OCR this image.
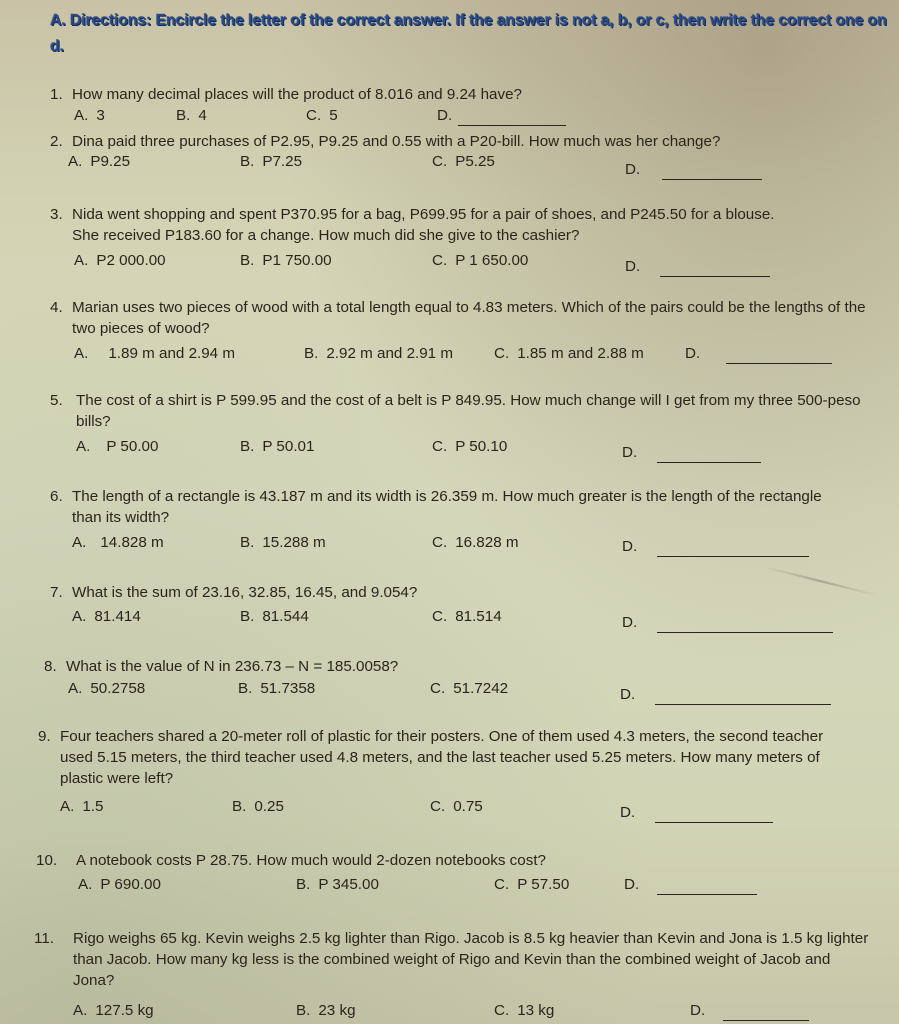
A. Directions: Encircle the letter of the correct answer. If the answer is not a, b, or c, then write the correct one on d.
1. How many decimal places will the product of 8.016 and 9.24 have?
A. 3	B. 4	C. 5	D.
2. Dina paid three purchases of P2.95, P9.25 and 0.55 with a P20-bill. How much was her change?
A. P9.25	B. P7.25	C. P5.25	D.
3. Nida went shopping and spent P370.95 for a bag, P699.95 for a pair of shoes, and P245.50 for a blouse. She received P183.60 for a change. How much did she give to the cashier?
A. P2 000.00	B. P1 750.00	C. P 1 650.00	D.
4. Marian uses two pieces of wood with a total length equal to 4.83 meters. Which of the pairs could be the lengths of the two pieces of wood?
A. 1.89 m and 2.94 m	B. 2.92 m and 2.91 m	C. 1.85 m and 2.88 m	D.
5. The cost of a shirt is P 599.95 and the cost of a belt is P 849.95. How much change will I get from my three 500-peso bills?
A. P 50.00	B. P 50.01	C. P 50.10	D.
6. The length of a rectangle is 43.187 m and its width is 26.359 m. How much greater is the length of the rectangle than its width?
A. 14.828 m	B. 15.288 m	C. 16.828 m	D.
7. What is the sum of 23.16, 32.85, 16.45, and 9.054?
A. 81.414	B. 81.544	C. 81.514	D.
8. What is the value of N in 236.73 – N = 185.0058?
A. 50.2758	B. 51.7358	C. 51.7242	D.
9. Four teachers shared a 20-meter roll of plastic for their posters. One of them used 4.3 meters, the second teacher used 5.15 meters, the third teacher used 4.8 meters, and the last teacher used 5.25 meters. How many meters of plastic were left?
A. 1.5	B. 0.25	C. 0.75	D.
10. A notebook costs P 28.75. How much would 2-dozen notebooks cost?
A. P 690.00	B. P 345.00	C. P 57.50	D.
11. Rigo weighs 65 kg. Kevin weighs 2.5 kg lighter than Rigo. Jacob is 8.5 kg heavier than Kevin and Jona is 1.5 kg lighter than Jacob. How many kg less is the combined weight of Rigo and Kevin than the combined weight of Jacob and Jona?
A. 127.5 kg	B. 23 kg	C. 13 kg	D.
